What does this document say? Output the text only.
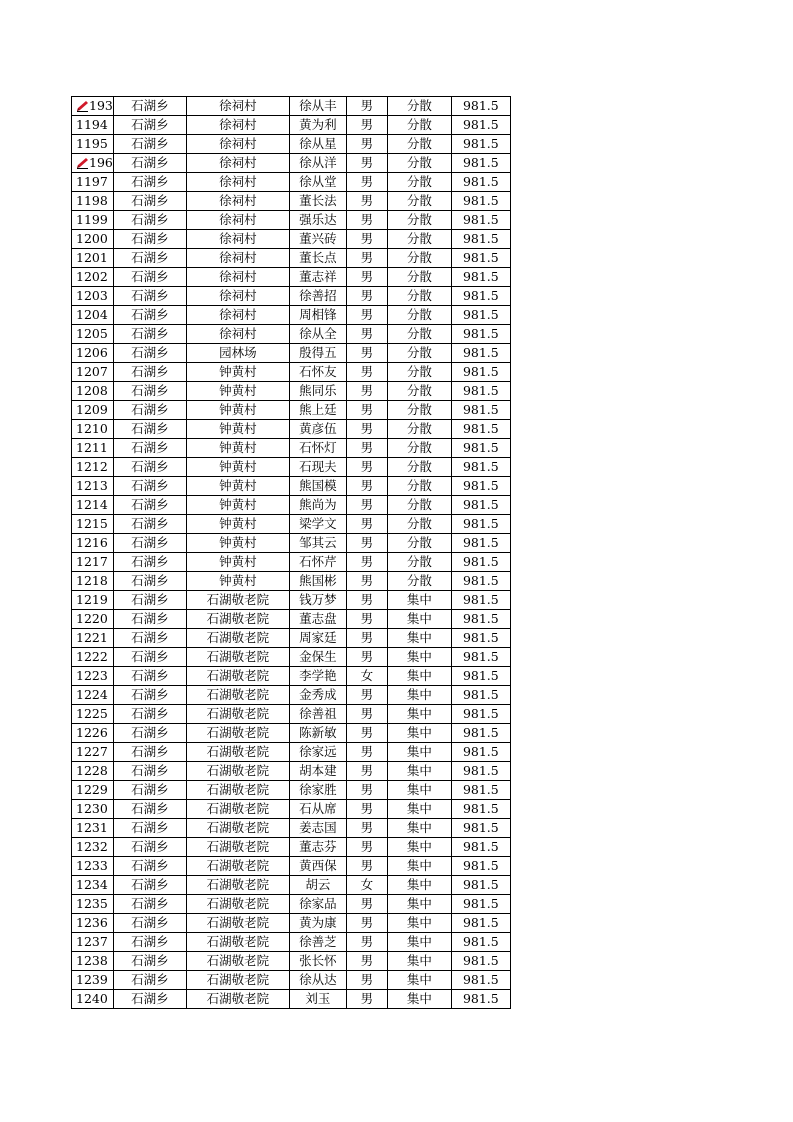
193	石湖乡	徐祠村	徐从丰	男	分散	981.5
1194	石湖乡	徐祠村	黄为利	男	分散	981.5
1195	石湖乡	徐祠村	徐从星	男	分散	981.5
196	石湖乡	徐祠村	徐从洋	男	分散	981.5
1197	石湖乡	徐祠村	徐从堂	男	分散	981.5
1198	石湖乡	徐祠村	董长法	男	分散	981.5
1199	石湖乡	徐祠村	强乐达	男	分散	981.5
1200	石湖乡	徐祠村	董兴砖	男	分散	981.5
1201	石湖乡	徐祠村	董长点	男	分散	981.5
1202	石湖乡	徐祠村	董志祥	男	分散	981.5
1203	石湖乡	徐祠村	徐善招	男	分散	981.5
1204	石湖乡	徐祠村	周相锋	男	分散	981.5
1205	石湖乡	徐祠村	徐从全	男	分散	981.5
1206	石湖乡	园林场	殷得五	男	分散	981.5
1207	石湖乡	钟黄村	石怀友	男	分散	981.5
1208	石湖乡	钟黄村	熊同乐	男	分散	981.5
1209	石湖乡	钟黄村	熊上廷	男	分散	981.5
1210	石湖乡	钟黄村	黄彦伍	男	分散	981.5
1211	石湖乡	钟黄村	石怀灯	男	分散	981.5
1212	石湖乡	钟黄村	石现夫	男	分散	981.5
1213	石湖乡	钟黄村	熊国模	男	分散	981.5
1214	石湖乡	钟黄村	熊尚为	男	分散	981.5
1215	石湖乡	钟黄村	梁学文	男	分散	981.5
1216	石湖乡	钟黄村	邹其云	男	分散	981.5
1217	石湖乡	钟黄村	石怀芹	男	分散	981.5
1218	石湖乡	钟黄村	熊国彬	男	分散	981.5
1219	石湖乡	石湖敬老院	钱万梦	男	集中	981.5
1220	石湖乡	石湖敬老院	董志盘	男	集中	981.5
1221	石湖乡	石湖敬老院	周家廷	男	集中	981.5
1222	石湖乡	石湖敬老院	金保生	男	集中	981.5
1223	石湖乡	石湖敬老院	李学艳	女	集中	981.5
1224	石湖乡	石湖敬老院	金秀成	男	集中	981.5
1225	石湖乡	石湖敬老院	徐善祖	男	集中	981.5
1226	石湖乡	石湖敬老院	陈新敏	男	集中	981.5
1227	石湖乡	石湖敬老院	徐家远	男	集中	981.5
1228	石湖乡	石湖敬老院	胡本建	男	集中	981.5
1229	石湖乡	石湖敬老院	徐家胜	男	集中	981.5
1230	石湖乡	石湖敬老院	石从席	男	集中	981.5
1231	石湖乡	石湖敬老院	姜志国	男	集中	981.5
1232	石湖乡	石湖敬老院	董志芬	男	集中	981.5
1233	石湖乡	石湖敬老院	黄西保	男	集中	981.5
1234	石湖乡	石湖敬老院	胡云	女	集中	981.5
1235	石湖乡	石湖敬老院	徐家品	男	集中	981.5
1236	石湖乡	石湖敬老院	黄为康	男	集中	981.5
1237	石湖乡	石湖敬老院	徐善芝	男	集中	981.5
1238	石湖乡	石湖敬老院	张长怀	男	集中	981.5
1239	石湖乡	石湖敬老院	徐从达	男	集中	981.5
1240	石湖乡	石湖敬老院	刘玉	男	集中	981.5
